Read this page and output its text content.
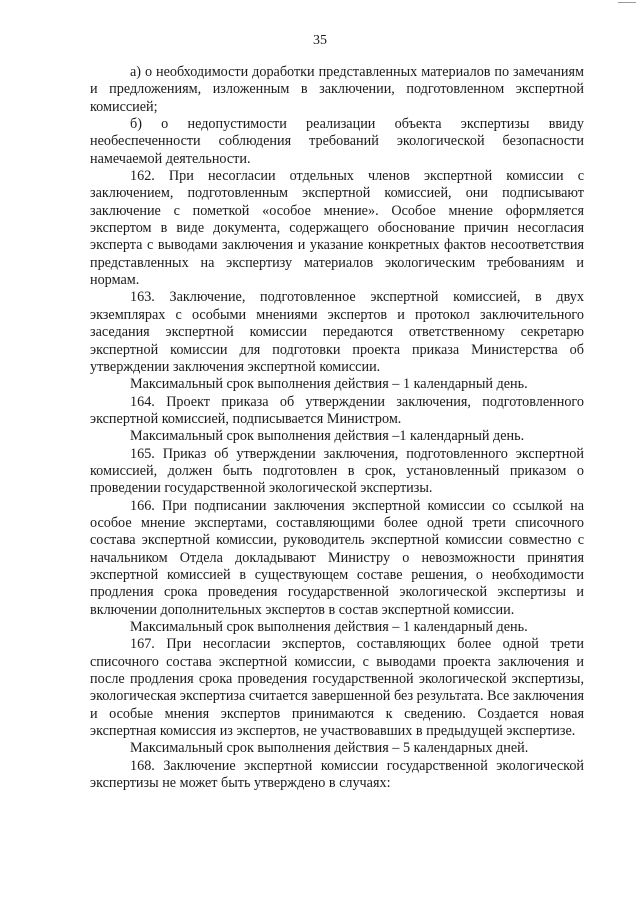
35

а) о необходимости доработки представленных материалов по замечаниям и предложениям, изложенным в заключении, подготовленном экспертной комиссией;

б) о недопустимости реализации объекта экспертизы ввиду необеспеченности соблюдения требований экологической безопасности намечаемой деятельности.

162. При несогласии отдельных членов экспертной комиссии с заключением, подготовленным экспертной комиссией, они подписывают заключение с пометкой «особое мнение». Особое мнение оформляется экспертом в виде документа, содержащего обоснование причин несогласия эксперта с выводами заключения и указание конкретных фактов несоответствия представленных на экспертизу материалов экологическим требованиям и нормам.

163. Заключение, подготовленное экспертной комиссией, в двух экземплярах с особыми мнениями экспертов и протокол заключительного заседания экспертной комиссии передаются ответственному секретарю экспертной комиссии для подготовки проекта приказа Министерства об утверждении заключения экспертной комиссии.

Максимальный срок выполнения действия – 1 календарный день.

164. Проект приказа об утверждении заключения, подготовленного экспертной комиссией, подписывается Министром.

Максимальный срок выполнения действия –1 календарный день.

165. Приказ об утверждении заключения, подготовленного экспертной комиссией, должен быть подготовлен в срок, установленный приказом о проведении государственной экологической экспертизы.

166. При подписании заключения экспертной комиссии со ссылкой на особое мнение экспертами, составляющими более одной трети списочного состава экспертной комиссии, руководитель экспертной комиссии совместно с начальником Отдела докладывают Министру о невозможности принятия экспертной комиссией в существующем составе решения, о необходимости продления срока проведения государственной экологической экспертизы и включении дополнительных экспертов в состав экспертной комиссии.

Максимальный срок выполнения действия – 1 календарный день.

167. При несогласии экспертов, составляющих более одной трети списочного состава экспертной комиссии, с выводами проекта заключения и после продления срока проведения государственной экологической экспертизы, экологическая экспертиза считается завершенной без результата. Все заключения и особые мнения экспертов принимаются к сведению. Создается новая экспертная комиссия из экспертов, не участвовавших в предыдущей экспертизе.

Максимальный срок выполнения действия – 5 календарных дней.

168. Заключение экспертной комиссии государственной экологической экспертизы не может быть утверждено в случаях:
